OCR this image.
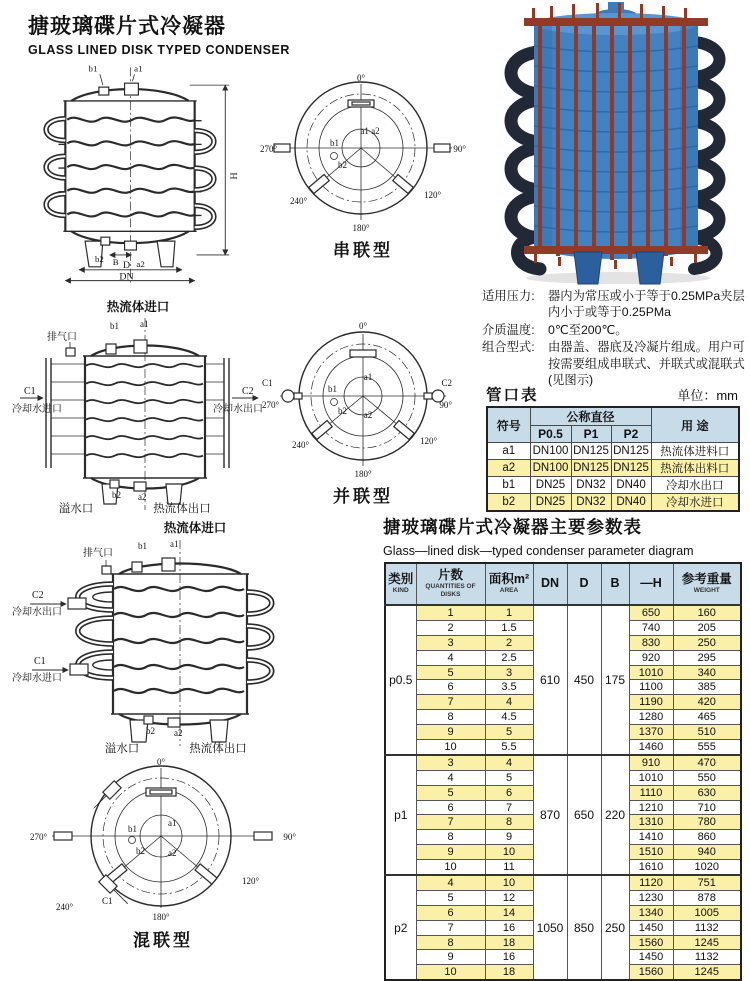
搪玻璃碟片式冷凝器
GLASS LINED DISK TYPED CONDENSER
b1	a1
H
B
b2	a2
D
DN
0°
90°
270°
120°
240°
180°
a1 a2
b1
b2
串联型
热流体进口
排气口
b1 a1
C1
冷却水进口
C2
冷却水出口
b2 a2
溢水口	热流体出口
0°
C2
90°
C1
270°
120°
240°
180°
a1
b1
b2 a2
并联型
热流体进口
排气口
b1	a1
C2
冷却水出口
C1
冷却水进口
b2 a2
溢水口	热流体出口
0°
90°
270°
120°
240°
C1
180°
b1
a1
b2	a2
混联型
适用压力:	器内为常压或小于等于0.25MPa夹层内小于或等于0.25PMa
介质温度:	0℃至200℃。
组合型式:	由器盖、器底及冷凝片组成。用户可按需要组成串联式、并联式或混联式(见图示)
管口表	单位：mm
符号	公称直径			用 途
	P0.5	P1	P2	
a1	DN100	DN125	DN125	热流体进料口
a2	DN100	DN125	DN125	热流体出料口
b1	DN25	DN32	DN40	冷却水出口
b2	DN25	DN32	DN40	冷却水进口
搪玻璃碟片式冷凝器主要参数表
Glass—lined disk—typed condenser parameter diagram
类别
KIND

片数
QUANTITIES OF DISKS

面积m²
AREA

DN	D	B	—H	参考重量
WEIGHT

p0.5	1	1	610	450	175	650	160
	2	1.5				740	205
	3	2				830	250
	4	2.5				920	295
	5	3				1010	340
	6	3.5				1100	385
	7	4				1190	420
	8	4.5				1280	465
	9	5				1370	510
	10	5.5				1460	555
p1	3	4	870	650	220	910	470
	4	5				1010	550
	5	6				1110	630
	6	7				1210	710
	7	8				1310	780
	8	9				1410	860
	9	10				1510	940
	10	11				1610	1020
p2	4	10	1050	850	250	1120	751
	5	12				1230	878
	6	14				1340	1005
	7	16				1450	1132
	8	18				1560	1245
	9	16				1450	1132
	10	18				1560	1245
